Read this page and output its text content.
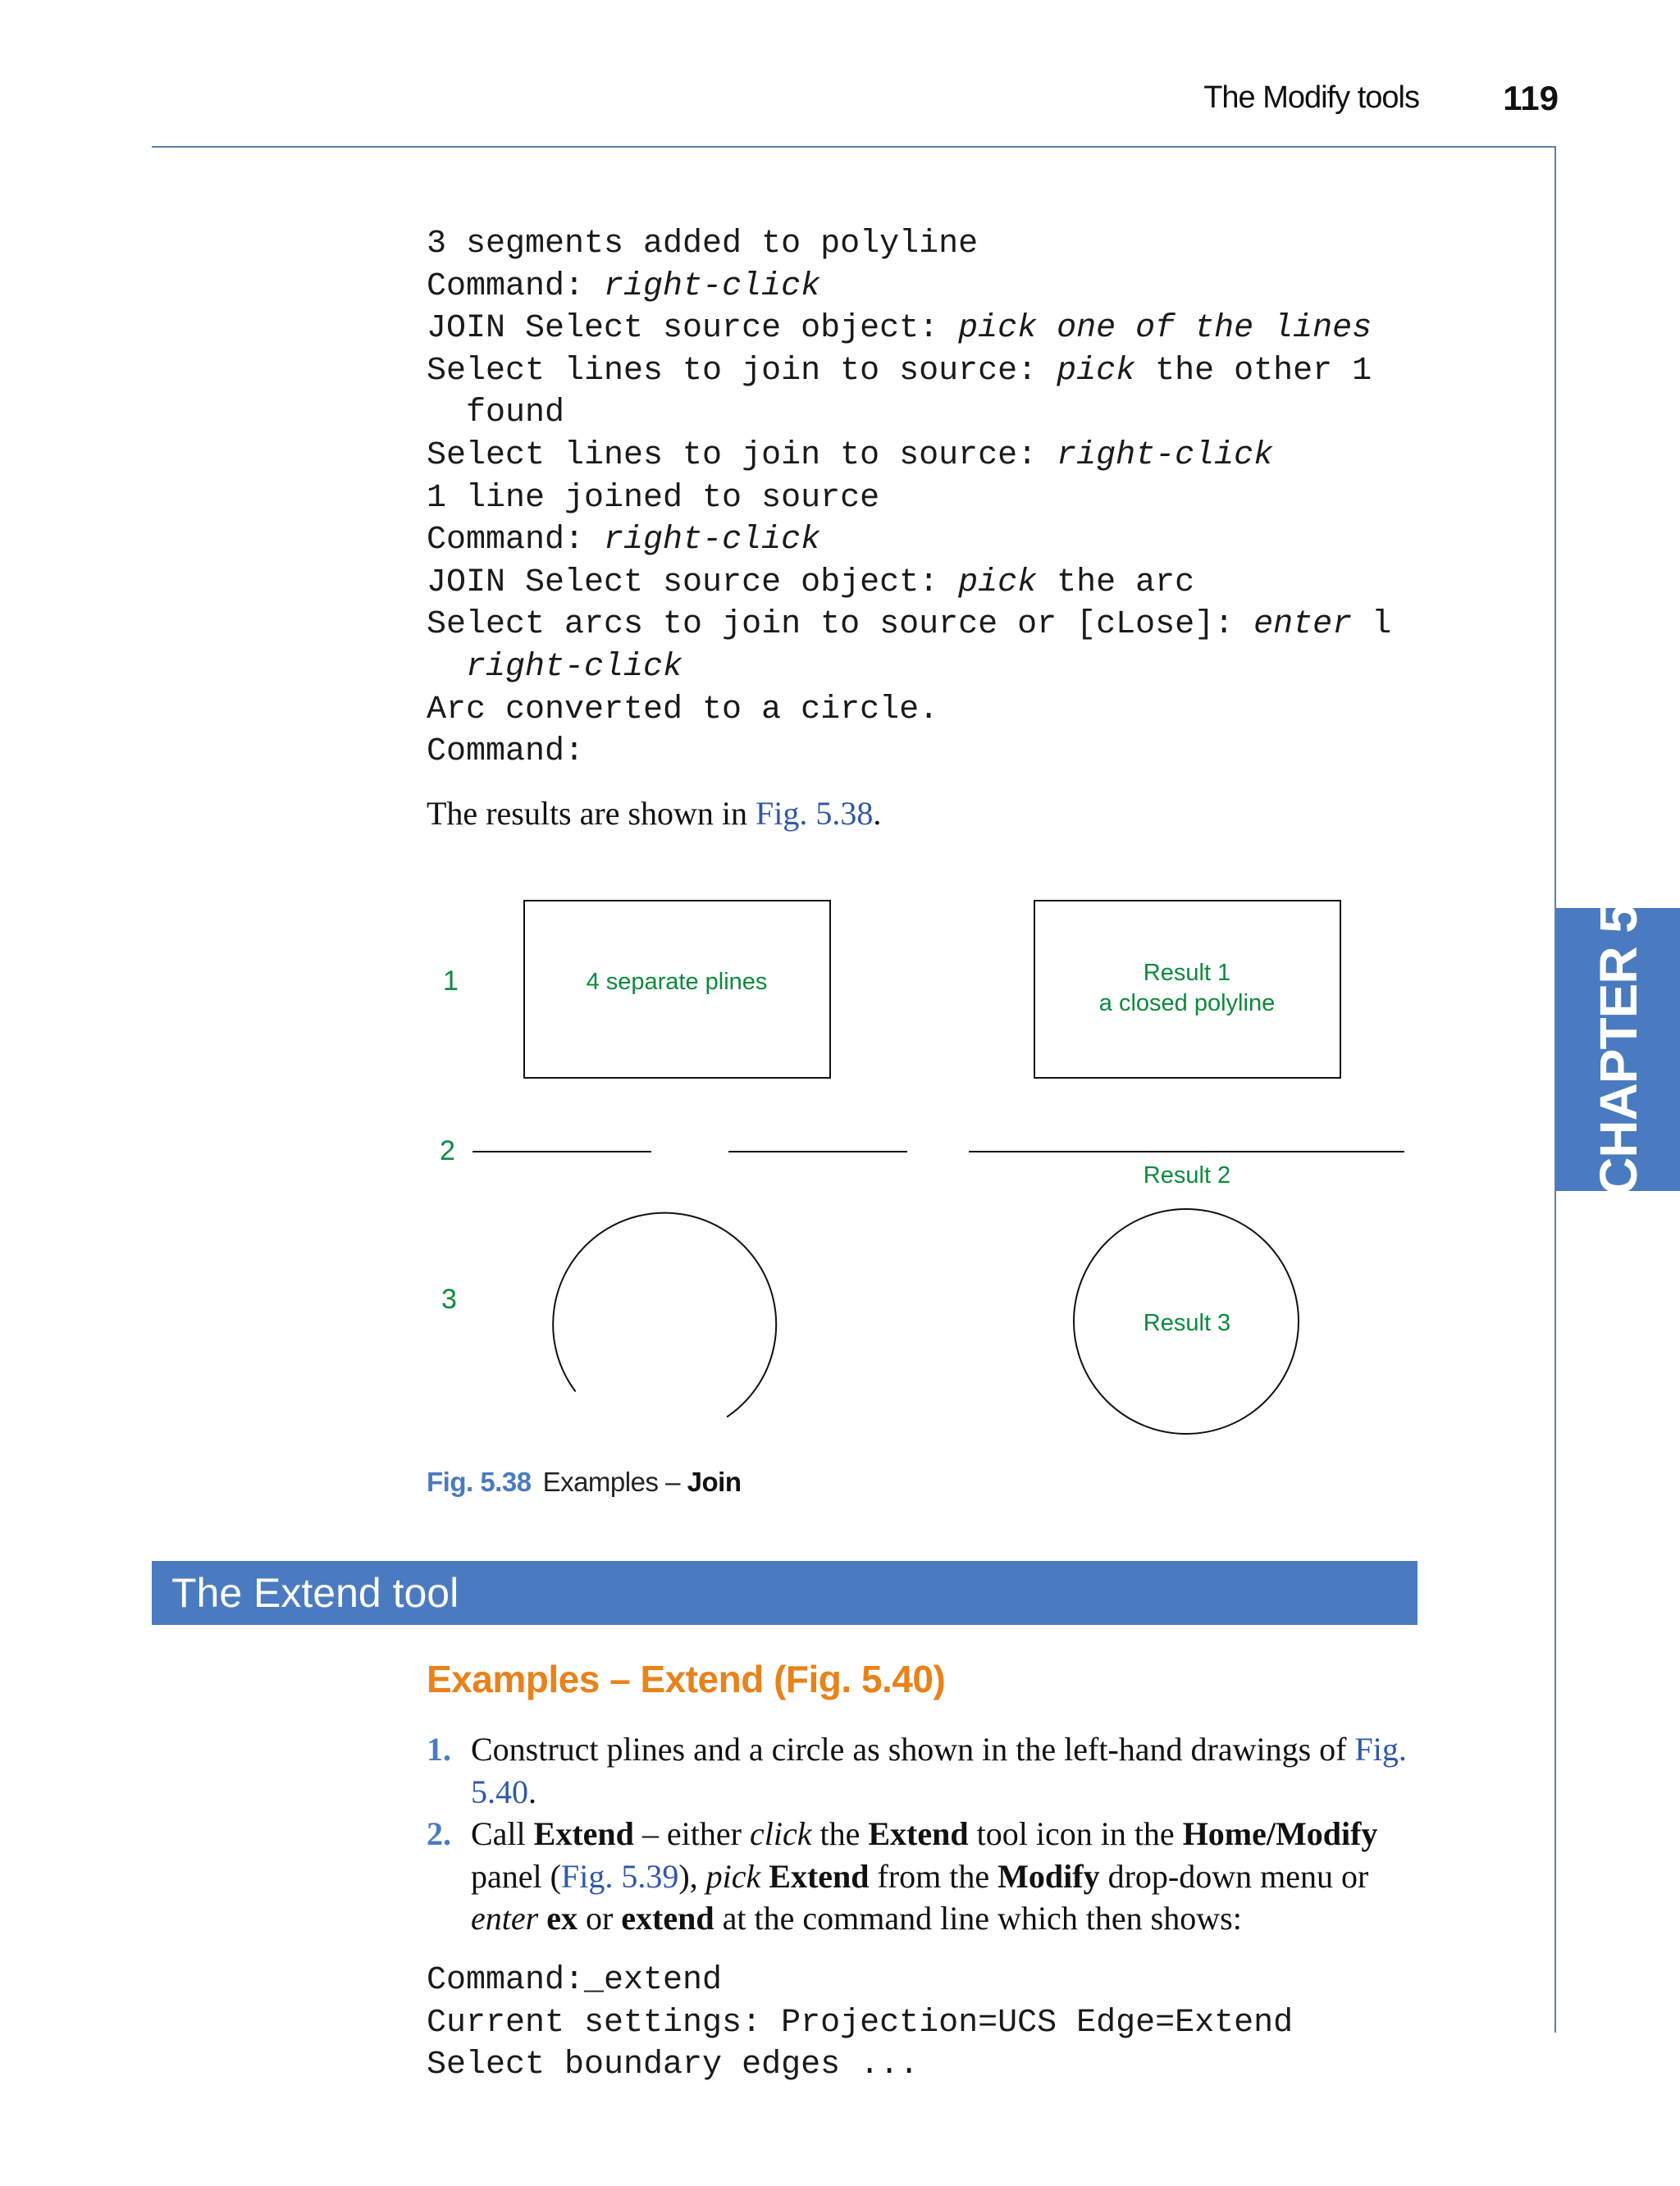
The Modify tools	119
CHAPTER 5
3 segments added to polyline
Command: right-click
JOIN Select source object: pick one of the lines
Select lines to join to source: pick the other 1
found
Select lines to join to source: right-click
1 line joined to source
Command: right-click
JOIN Select source object: pick the arc
Select arcs to join to source or [cLose]: enter l
right-click
Arc converted to a circle.
Command:
The results are shown in Fig. 5.38.
1
2
3
4 separate plines	Result 1
a closed polyline
Result 2
Result 3
Fig. 5.38 Examples – Join
The Extend tool
Examples – Extend (Fig. 5.40)
1. Construct plines and a circle as shown in the left-hand drawings of Fig. 5.40.
2. Call Extend – either click the Extend tool icon in the Home/Modify panel (Fig. 5.39), pick Extend from the Modify drop-down menu or enter ex or extend at the command line which then shows:
Command:_extend
Current settings: Projection=UCS Edge=Extend
Select boundary edges ...
